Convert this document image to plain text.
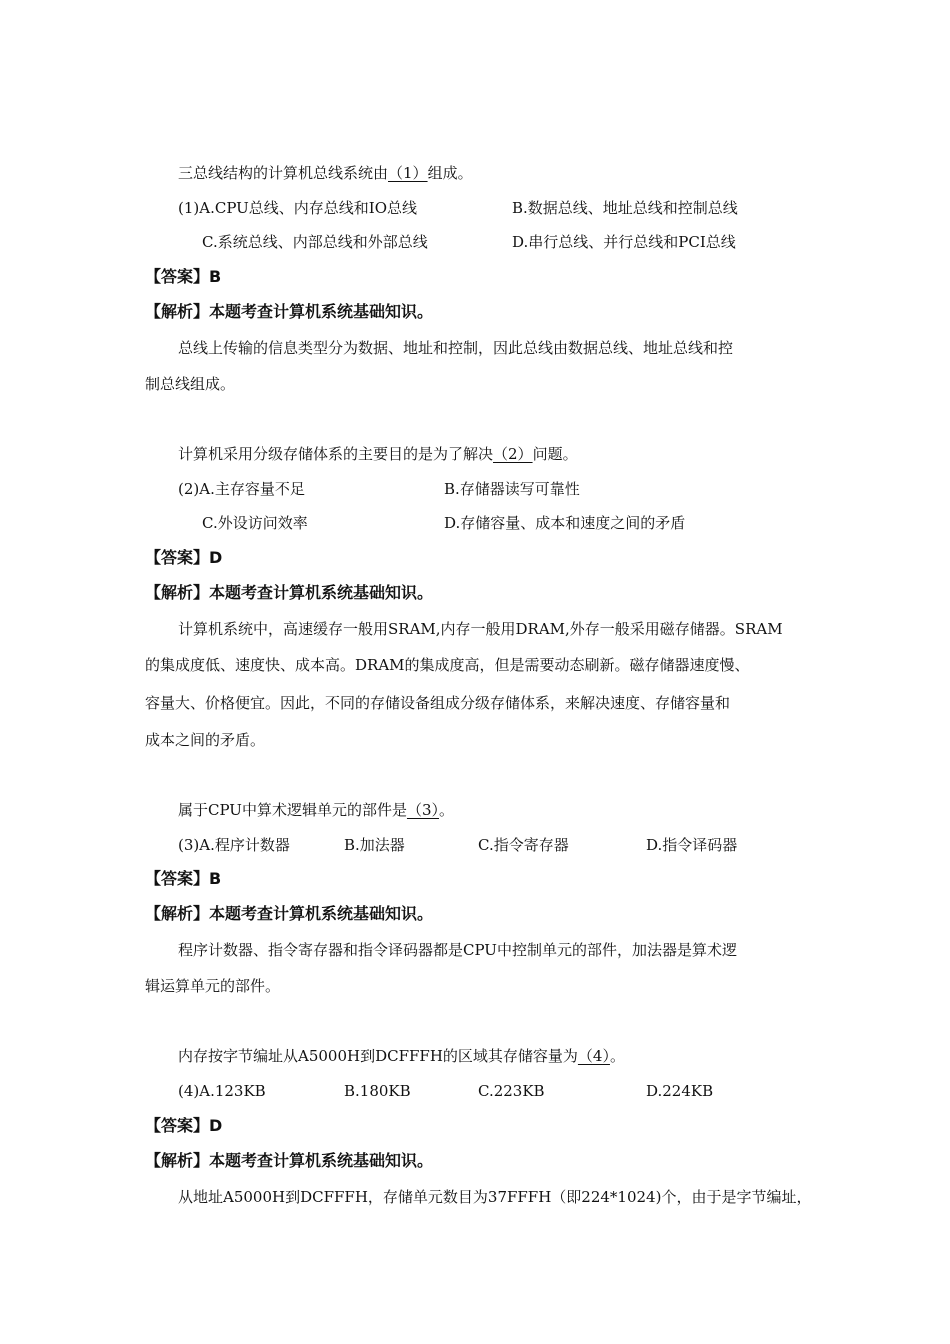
三总线结构的计算机总线系统由（1）组成。
(1)A.CPU总线、内存总线和IO总线	B.数据总线、地址总线和控制总线
C.系统总线、内部总线和外部总线	D.串行总线、并行总线和PCI总线
【答案】B
【解析】本题考查计算机系统基础知识。
总线上传输的信息类型分为数据、地址和控制，因此总线由数据总线、地址总线和控
制总线组成。
计算机采用分级存储体系的主要目的是为了解决（2）问题。
(2)A.主存容量不足	B.存储器读写可靠性
C.外设访问效率	D.存储容量、成本和速度之间的矛盾
【答案】D
【解析】本题考查计算机系统基础知识。
计算机系统中，高速缓存一般用SRAM,内存一般用DRAM,外存一般采用磁存储器。SRAM
的集成度低、速度快、成本高。DRAM的集成度高，但是需要动态刷新。磁存储器速度慢、
容量大、价格便宜。因此，不同的存储设备组成分级存储体系，来解决速度、存储容量和
成本之间的矛盾。
属于CPU中算术逻辑单元的部件是（3）。
(3)A.程序计数器	B.加法器	C.指令寄存器	D.指令译码器
【答案】B
【解析】本题考查计算机系统基础知识。
程序计数器、指令寄存器和指令译码器都是CPU中控制单元的部件，加法器是算术逻
辑运算单元的部件。
内存按字节编址从A5000H到DCFFFH的区域其存储容量为（4）。
(4)A.123KB	B.180KB	C.223KB	D.224KB
【答案】D
【解析】本题考查计算机系统基础知识。
从地址A5000H到DCFFFH，存储单元数目为37FFFH（即224*1024)个，由于是字节编址，
